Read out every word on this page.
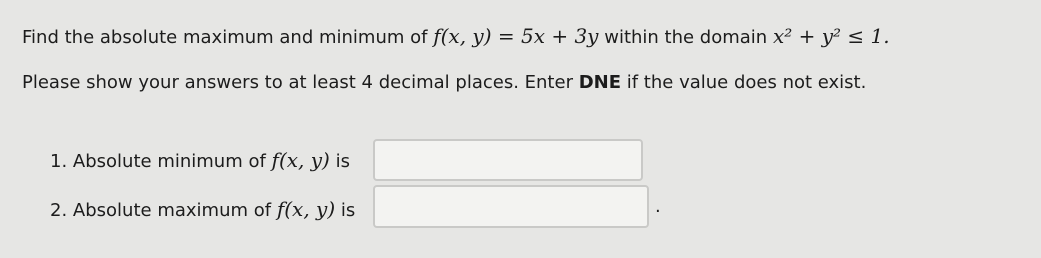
Find the absolute maximum and minimum of f(x, y) = 5x + 3y within the domain x² + y² ≤ 1.
Please show your answers to at least 4 decimal places. Enter DNE if the value does not exist.
1. Absolute minimum of f(x, y) is
2. Absolute maximum of f(x, y) is	.
